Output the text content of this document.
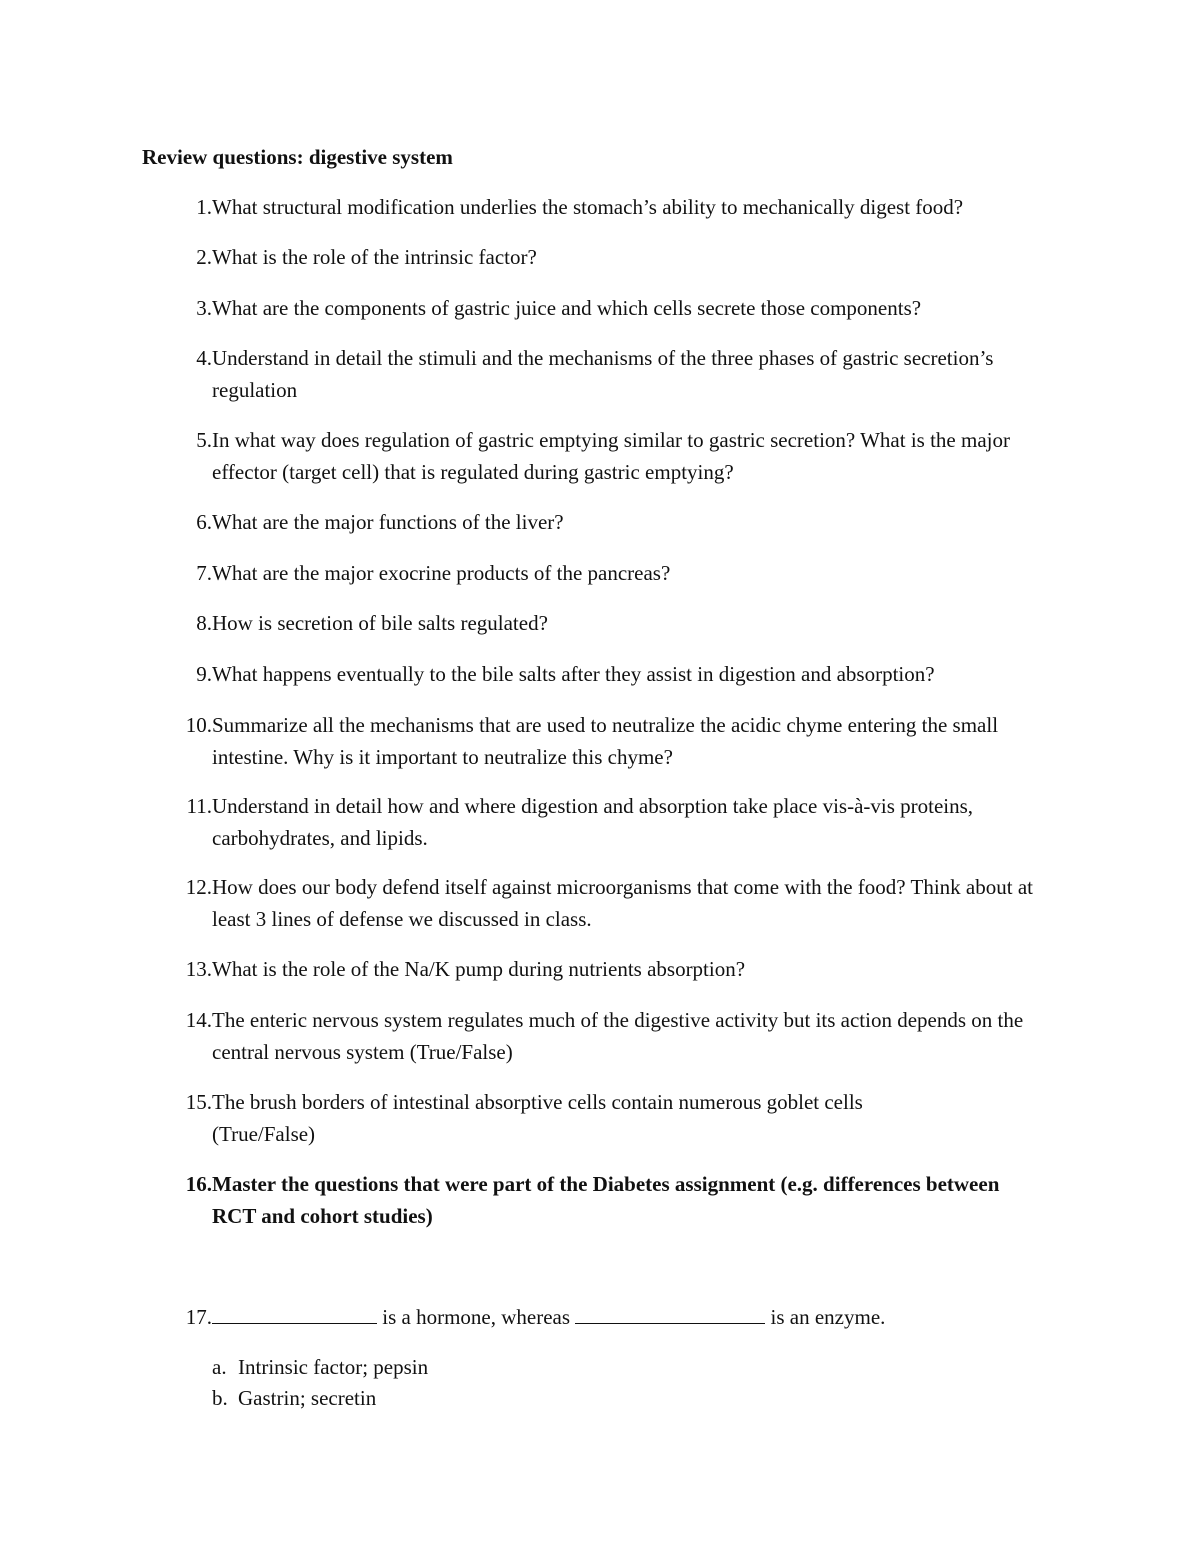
Review questions: digestive system
1. What structural modification underlies the stomach’s ability to mechanically digest food?
2. What is the role of the intrinsic factor?
3. What are the components of gastric juice and which cells secrete those components?
4. Understand in detail the stimuli and the mechanisms of the three phases of gastric secretion’s regulation
5. In what way does regulation of gastric emptying similar to gastric secretion? What is the major effector (target cell) that is regulated during gastric emptying?
6. What are the major functions of the liver?
7. What are the major exocrine products of the pancreas?
8. How is secretion of bile salts regulated?
9. What happens eventually to the bile salts after they assist in digestion and absorption?
10. Summarize all the mechanisms that are used to neutralize the acidic chyme entering the small intestine. Why is it important to neutralize this chyme?
11. Understand in detail how and where digestion and absorption take place vis-à-vis proteins, carbohydrates, and lipids.
12. How does our body defend itself against microorganisms that come with the food? Think about at least 3 lines of defense we discussed in class.
13. What is the role of the Na/K pump during nutrients absorption?
14. The enteric nervous system regulates much of the digestive activity but its action depends on the central nervous system (True/False)
15. The brush borders of intestinal absorptive cells contain numerous goblet cells (True/False)
16. Master the questions that were part of the Diabetes assignment (e.g. differences between RCT and cohort studies)
17.	is a hormone, whereas	is an enzyme.
a. Intrinsic factor; pepsin
b. Gastrin; secretin
